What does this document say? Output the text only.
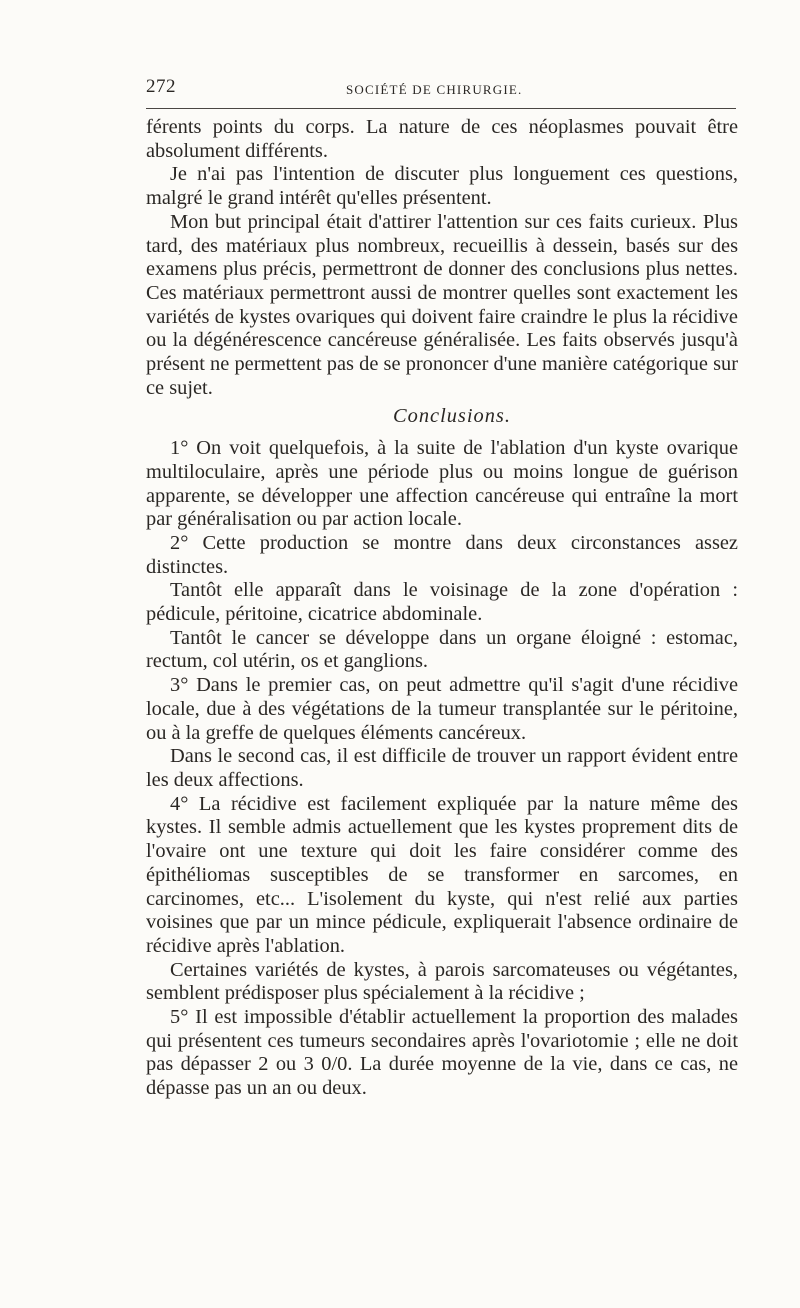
272	SOCIÉTÉ DE CHIRURGIE.

férents points du corps. La nature de ces néoplasmes pouvait être absolument différents.

Je n'ai pas l'intention de discuter plus longuement ces questions, malgré le grand intérêt qu'elles présentent.

Mon but principal était d'attirer l'attention sur ces faits curieux. Plus tard, des matériaux plus nombreux, recueillis à dessein, basés sur des examens plus précis, permettront de donner des conclusions plus nettes. Ces matériaux permettront aussi de montrer quelles sont exactement les variétés de kystes ovariques qui doivent faire craindre le plus la récidive ou la dégénérescence cancéreuse généralisée. Les faits observés jusqu'à présent ne permettent pas de se prononcer d'une manière catégorique sur ce sujet.

Conclusions.

1° On voit quelquefois, à la suite de l'ablation d'un kyste ovarique multiloculaire, après une période plus ou moins longue de guérison apparente, se développer une affection cancéreuse qui entraîne la mort par généralisation ou par action locale.

2° Cette production se montre dans deux circonstances assez distinctes.

Tantôt elle apparaît dans le voisinage de la zone d'opération : pédicule, péritoine, cicatrice abdominale.

Tantôt le cancer se développe dans un organe éloigné : estomac, rectum, col utérin, os et ganglions.

3° Dans le premier cas, on peut admettre qu'il s'agit d'une récidive locale, due à des végétations de la tumeur transplantée sur le péritoine, ou à la greffe de quelques éléments cancéreux.

Dans le second cas, il est difficile de trouver un rapport évident entre les deux affections.

4° La récidive est facilement expliquée par la nature même des kystes. Il semble admis actuellement que les kystes proprement dits de l'ovaire ont une texture qui doit les faire considérer comme des épithéliomas susceptibles de se transformer en sarcomes, en carcinomes, etc... L'isolement du kyste, qui n'est relié aux parties voisines que par un mince pédicule, expliquerait l'absence ordinaire de récidive après l'ablation.

Certaines variétés de kystes, à parois sarcomateuses ou végétantes, semblent prédisposer plus spécialement à la récidive ;

5° Il est impossible d'établir actuellement la proportion des malades qui présentent ces tumeurs secondaires après l'ovariotomie ; elle ne doit pas dépasser 2 ou 3 0/0. La durée moyenne de la vie, dans ce cas, ne dépasse pas un an ou deux.
